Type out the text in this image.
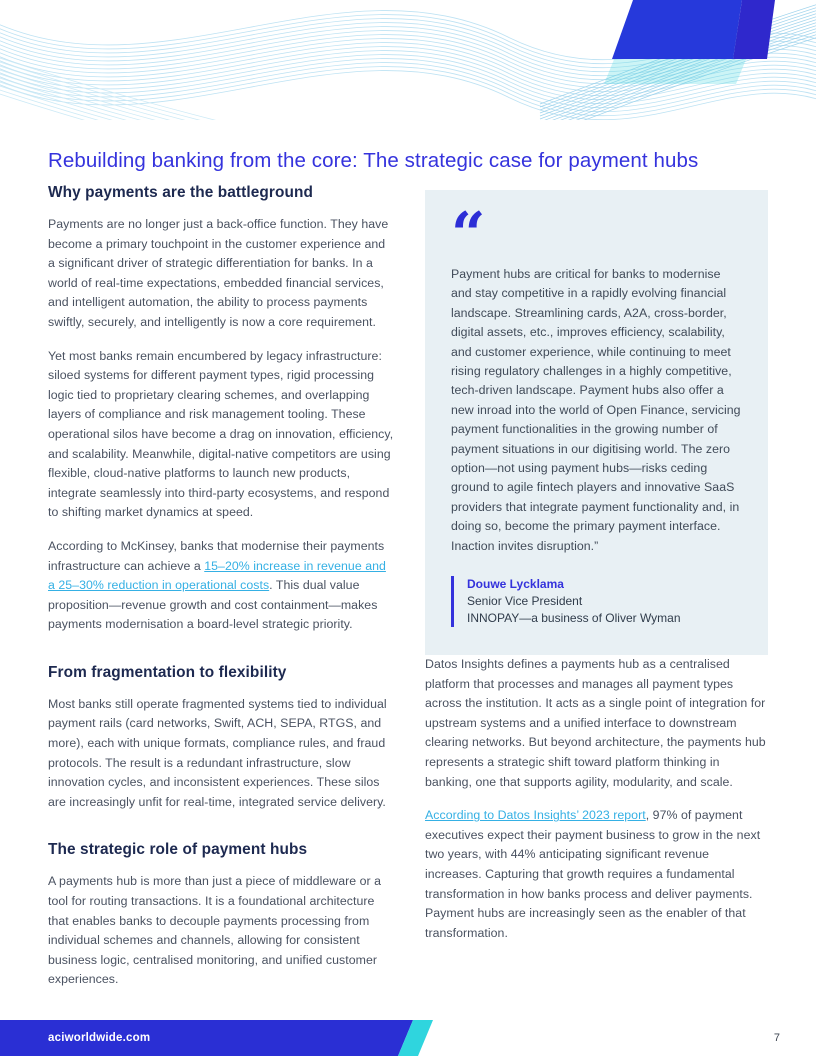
Rebuilding banking from the core: The strategic case for payment hubs
Why payments are the battleground

Payments are no longer just a back-office function. They have become a primary touchpoint in the customer experience and a significant driver of strategic differentiation for banks. In a world of real-time expectations, embedded financial services, and intelligent automation, the ability to process payments swiftly, securely, and intelligently is now a core requirement.

Yet most banks remain encumbered by legacy infrastructure: siloed systems for different payment types, rigid processing logic tied to proprietary clearing schemes, and overlapping layers of compliance and risk management tooling. These operational silos have become a drag on innovation, efficiency, and scalability. Meanwhile, digital-native competitors are using flexible, cloud-native platforms to launch new products, integrate seamlessly into third-party ecosystems, and respond to shifting market dynamics at speed.

According to McKinsey, banks that modernise their payments infrastructure can achieve a 15–20% increase in revenue and a 25–30% reduction in operational costs. This dual value proposition—revenue growth and cost containment—makes payments modernisation a board-level strategic priority.

From fragmentation to flexibility

Most banks still operate fragmented systems tied to individual payment rails (card networks, Swift, ACH, SEPA, RTGS, and more), each with unique formats, compliance rules, and fraud protocols. The result is a redundant infrastructure, slow innovation cycles, and inconsistent experiences. These silos are increasingly unfit for real-time, integrated service delivery.

The strategic role of payment hubs

A payments hub is more than just a piece of middleware or a tool for routing transactions. It is a foundational architecture that enables banks to decouple payments processing from individual schemes and channels, allowing for consistent business logic, centralised monitoring, and unified customer experiences.

“
Payment hubs are critical for banks to modernise and stay competitive in a rapidly evolving financial landscape. Streamlining cards, A2A, cross-border, digital assets, etc., improves efficiency, scalability, and customer experience, while continuing to meet rising regulatory challenges in a highly competitive, tech-driven landscape. Payment hubs also offer a new inroad into the world of Open Finance, servicing payment functionalities in the growing number of payment situations in our digitising world. The zero option—not using payment hubs—risks ceding ground to agile fintech players and innovative SaaS providers that integrate payment functionality and, in doing so, become the primary payment interface. Inaction invites disruption.”
Douwe Lycklama
Senior Vice President
INNOPAY—a business of Oliver Wyman

Datos Insights defines a payments hub as a centralised platform that processes and manages all payment types across the institution. It acts as a single point of integration for upstream systems and a unified interface to downstream clearing networks. But beyond architecture, the payments hub represents a strategic shift toward platform thinking in banking, one that supports agility, modularity, and scale.

According to Datos Insights’ 2023 report, 97% of payment executives expect their payment business to grow in the next two years, with 44% anticipating significant revenue increases. Capturing that growth requires a fundamental transformation in how banks process and deliver payments. Payment hubs are increasingly seen as the enabler of that transformation.

aciworldwide.com	7
